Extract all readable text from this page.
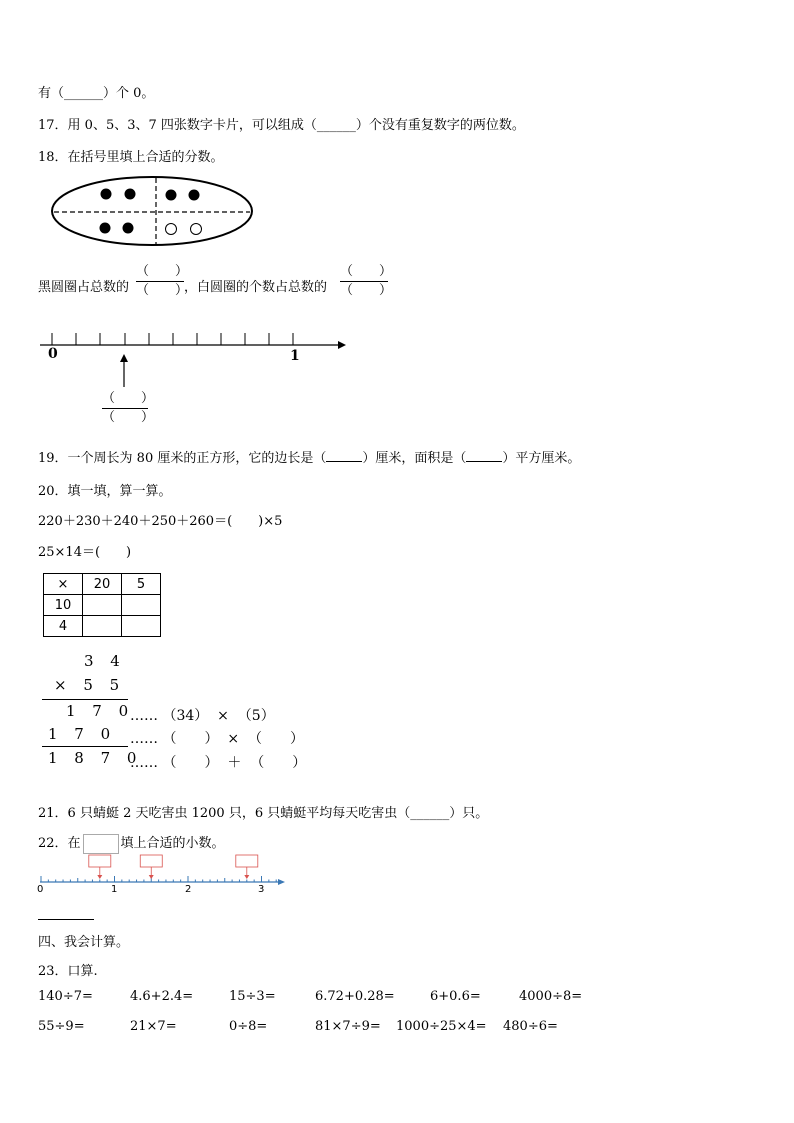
有（______）个 0。
17．用 0、5、3、7 四张数字卡片，可以组成（______）个没有重复数字的两位数。
18．在括号里填上合适的分数。
黑圆圈占总数的
（　　）
（　　）
，白圆圈的个数占总数的
（　　）
（　　）
0	1
（　　）
（　　）
19．一个周长为 80 厘米的正方形，它的边长是（	）厘米，面积是（	）平方厘米。
20．填一填，算一算。
220＋230＋240＋250＋260＝(　　)×5
25×14＝(　　)
×	20	5
10		
4		
3 4
× 5 5
1 7 0
1 7 0
1 8 7 0
…… （34）  ×  （5）
…… （　　）  ×  （　　）
…… （　　）  ＋  （　　）
21．6 只蜻蜓 2 天吃害虫 1200 只，6 只蜻蜓平均每天吃害虫（______）只。
22．在	填上合适的小数。
0	1	2	3
四、我会计算。
23．口算.
140÷7=	4.6+2.4=	15÷3=	6.72+0.28=	6+0.6=	4000÷8=
55÷9=	21×7=	0÷8=	81×7÷9= 1000÷25×4= 480÷6=
